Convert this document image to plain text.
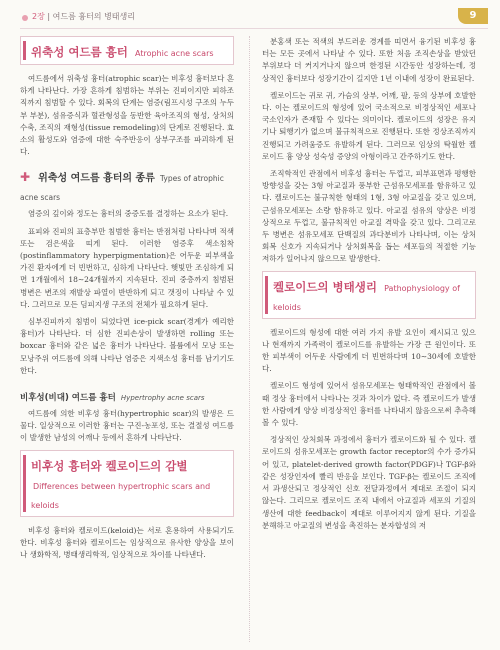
2장 | 여드름 흉터의 병태생리	9
위축성 여드름 흉터 Atrophic acne scars

여드름에서 위축성 흉터(atrophic scar)는 비후성 흉터보다 흔하게 나타난다. 가장 흔하게 침범하는 부위는 진피이지만 피하조직까지 침범할 수 있다. 회복의 단계는 염증(림프시성 구조의 누두부 부분), 섬유증식과 혈관형성을 동반한 육아조직의 형성, 상처의 수축, 조직의 재형성(tissue remodeling)의 단계로 진행된다. 효소의 활성도와 염증에 대한 숙주반응이 상부구조를 파괴하게 된다.

✚ 위축성 여드름 흉터의 종류 Types of atrophic acne scars

염증의 깊이와 정도는 흉터의 중증도를 결정하는 요소가 된다.

표피와 진피의 표층부만 침범한 흉터는 반점처럼 나타나며 적색 또는 검은색을 띠게 된다. 이러한 염증후 색소침착(postinflammatory hyperpigmentation)은 어두운 피부색을 가진 환자에게 더 빈번하고, 심하게 나타난다. 햇빛만 조심하게 되면 1개월에서 18∼24개월까지 지속된다. 진피 중층까지 침범된 병변은 변조의 재발상 파열이 반반하게 되고 갯징이 나타날 수 있다. 그러므로 모든 딤피지생 구조의 전체가 필요하게 된다.

심부진피까지 침범이 되었다면 ice-pick scar(경계가 예리한 흉터)가 나타난다. 더 심한 진피손상이 발생하면 rolling 또는 boxcar 흉터와 같은 넓은 흉터가 나타난다. 볼륨에서 모낭 또는 모낭주위 여드름에 의해 나타난 염증은 지색소성 흉터를 남기기도 한다.

비후성(비대) 여드름 흉터 Hypertrophy acne scars

여드름에 의한 비후성 흉터(hypertrophic scar)의 발생은 드물다. 일상적으로 이러한 흉터는 구진-농포성, 또는 결절성 여드름이 발생한 남성의 어깨나 등에서 흔하게 나타난다.

비후성 흉터와 켈로이드의 감별 Differences between hypertrophic scars and keloids

비후성 흉터와 켈로이드(keloid)는 서로 혼용하여 사용되기도 한다. 비후성 흉터와 켈로이드는 임상적으로 유사한 양상을 보이나 생화학적, 병태생리학적, 임상적으로 차이를 나타낸다.

분홍색 또는 적색의 부드러운 경계를 띠면서 융기된 비후성 흉터는 모든 곳에서 나타날 수 있다. 또한 처음 조직손상을 받았던 부위보다 더 커지거나지 않으며 한정된 시간동안 성장하는데, 정상적인 흉터보다 성장기간이 길지만 1년 이내에 성장이 완료된다.

켈로이드는 귀로 귀, 가슴의 상부, 어깨, 팔, 등의 상부에 호발한다. 이는 켈로이드의 형성에 있어 국소적으로 비정상적인 세포나 국소인자가 존재할 수 있다는 의미이다. 켈로이드의 성장은 유지기나 퇴행기가 없으며 불규칙적으로 진행된다. 또한 정상조직까지 진행되고 가려움증도 유발하게 된다. 그러므로 임상의 탁월한 켈로이드 흉 양상 성숙성 증양의 아형이라고 간주하기도 한다.

조직학적인 관점에서 비후성 흉터는 두껍고, 피부표면과 평행한 방향성을 갖는 3형 아교질과 풍부한 근섬유모세포를 함유하고 있다. 켈로이드는 불규칙한 형태의 1형, 3형 아교질을 갖고 있으며, 근섬유모세포는 소량 함유하고 있다. 아교질 섬유의 양상은 비정상적으로 두껍고, 불규칙적인 아교질 격막을 갖고 있다. 그리고로 두 병변은 섬유모세포 단백질의 과다분비가 나타나며, 이는 상처회복 신호가 지속되거나 상처회복을 돕는 세포들의 적절한 기능 저하가 일어나지 않으므로 발생한다.

켈로이드의 병태생리 Pathophysiology of keloids

켈로이드의 형성에 대한 여러 가지 유발 요인이 제시되고 있으나 현재까지 가족력이 켈로이드를 유발하는 가장 큰 원인이다. 또한 피부색이 어두운 사람에게 더 빈번하다며 10∼30세에 호발한다.

켈로이드 형성에 있어서 섬유모세포는 형태학적인 관점에서 볼 때 정상 흉터에서 나타나는 것과 차이가 없다. 즉 켈로이드가 발생한 사람에게 양상 비정상적인 흉터를 나타내지 않음으로써 추측해 볼 수 있다.

정상적인 상처회복 과정에서 흉터가 켈로이드화 될 수 있다. 켈로이드의 섬유모세포는 growth factor receptor의 수가 증가되어 있고, platelet-derived growth factor(PDGF)나 TGF-β와 같은 성장인자에 빨리 반응을 보인다. TGF-β는 켈로이드 조직에서 과생산되고 정상적인 신호 전달과정에서 제대로 조절이 되지 않는다. 그리므로 켈로이드 조직 내에서 아교질과 세포의 기질의 생산에 대한 feedback이 제대로 이루어지지 않게 된다. 기질을 분해하고 아교질의 변성을 촉진하는 분자합성의 저
